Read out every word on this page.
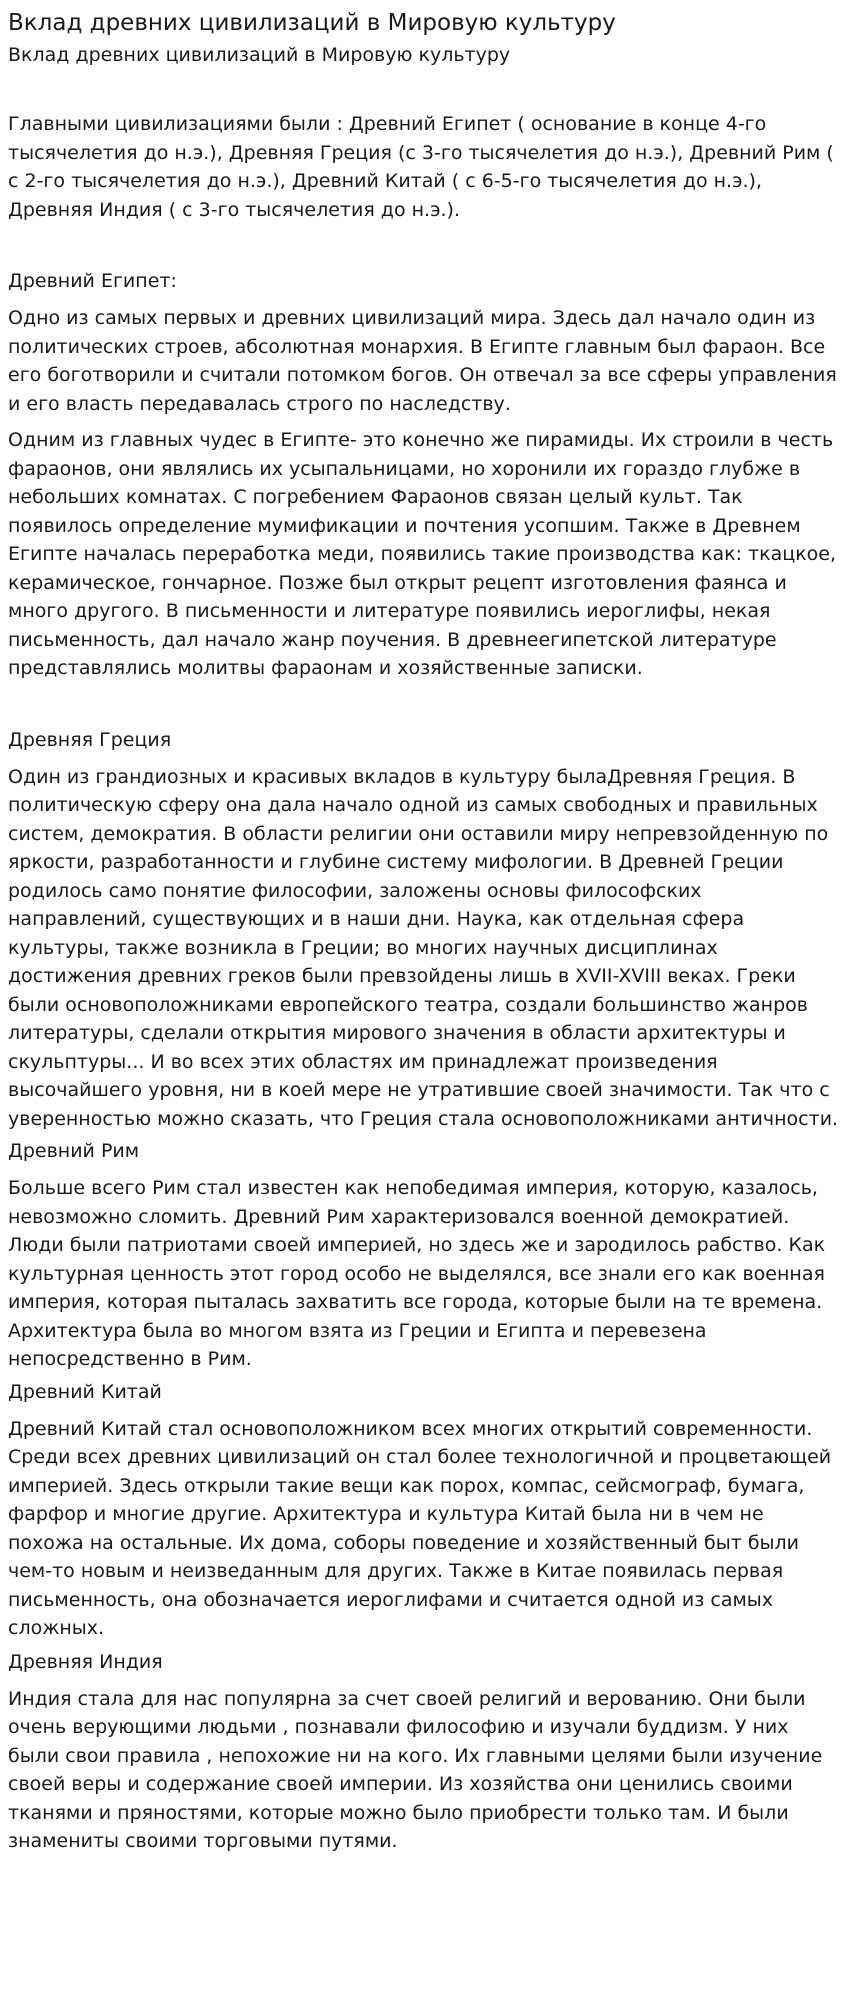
Вклад древних цивилизаций в Мировую культуру

Вклад древних цивилизаций в Мировую культуру

Главными цивилизациями были : Древний Египет ( основание в конце 4-го тысячелетия до н.э.), Древняя Греция (с 3-го тысячелетия до н.э.), Древний Рим ( с 2-го тысячелетия до н.э.), Древний Китай ( с 6-5-го тысячелетия до н.э.), Древняя Индия ( с 3-го тысячелетия до н.э.).

Древний Египет:

Одно из самых первых и древних цивилизаций мира. Здесь дал начало один из политических строев, абсолютная монархия. В Египте главным был фараон. Все его боготворили и считали потомком богов. Он отвечал за все сферы управления и его власть передавалась строго по наследству.

Одним из главных чудес в Египте- это конечно же пирамиды. Их строили в честь фараонов, они являлись их усыпальницами, но хоронили их гораздо глубже в небольших комнатах. С погребением Фараонов связан целый культ. Так появилось определение мумификации и почтения усопшим. Также в Древнем Египте началась переработка меди, появились такие производства как: ткацкое, керамическое, гончарное. Позже был открыт рецепт изготовления фаянса и много другого. В письменности и литературе появились иероглифы, некая письменность, дал начало жанр поучения. В древнеегипетской литературе представлялись молитвы фараонам и хозяйственные записки.

Древняя Греция

Один из грандиозных и красивых вкладов в культуру былаДревняя Греция. В политическую сферу она дала начало одной из самых свободных и правильных систем, демократия. В области религии они оставили миру непревзойденную по яркости, разработанности и глубине систему мифологии. В Древней Греции родилось само понятие философии, заложены основы философских направлений, существующих и в наши дни. Наука, как отдельная сфера культуры, также возникла в Греции; во многих научных дисциплинах достижения древних греков были превзойдены лишь в XVII-XVIII веках. Греки были основоположниками европейского театра, создали большинство жанров литературы, сделали открытия мирового значения в области архитектуры и скульптуры... И во всех этих областях им принадлежат произведения высочайшего уровня, ни в коей мере не утратившие своей значимости. Так что с уверенностью можно сказать, что Греция стала основоположниками античности.

Древний Рим

Больше всего Рим стал известен как непобедимая империя, которую, казалось, невозможно сломить. Древний Рим характеризовался военной демократией. Люди были патриотами своей империей, но здесь же и зародилось рабство. Как культурная ценность этот город особо не выделялся, все знали его как военная империя, которая пыталась захватить все города, которые были на те времена. Архитектура была во многом взята из Греции и Египта и перевезена непосредственно в Рим.

Древний Китай

Древний Китай стал основоположником всех многих открытий современности. Среди всех древних цивилизаций он стал более технологичной и процветающей империей. Здесь открыли такие вещи как порох, компас, сейсмограф, бумага, фарфор и многие другие. Архитектура и культура Китай была ни в чем не похожа на остальные. Их дома, соборы поведение и хозяйственный быт были чем-то новым и неизведанным для других. Также в Китае появилась первая письменность, она обозначается иероглифами и считается одной из самых сложных.

Древняя Индия

Индия стала для нас популярна за счет своей религий и верованию. Они были очень верующими людьми , познавали философию и изучали буддизм. У них были свои правила , непохожие ни на кого. Их главными целями были изучение своей веры и содержание своей империи. Из хозяйства они ценились своими тканями и пряностями, которые можно было приобрести только там. И были знамениты своими торговыми путями.
